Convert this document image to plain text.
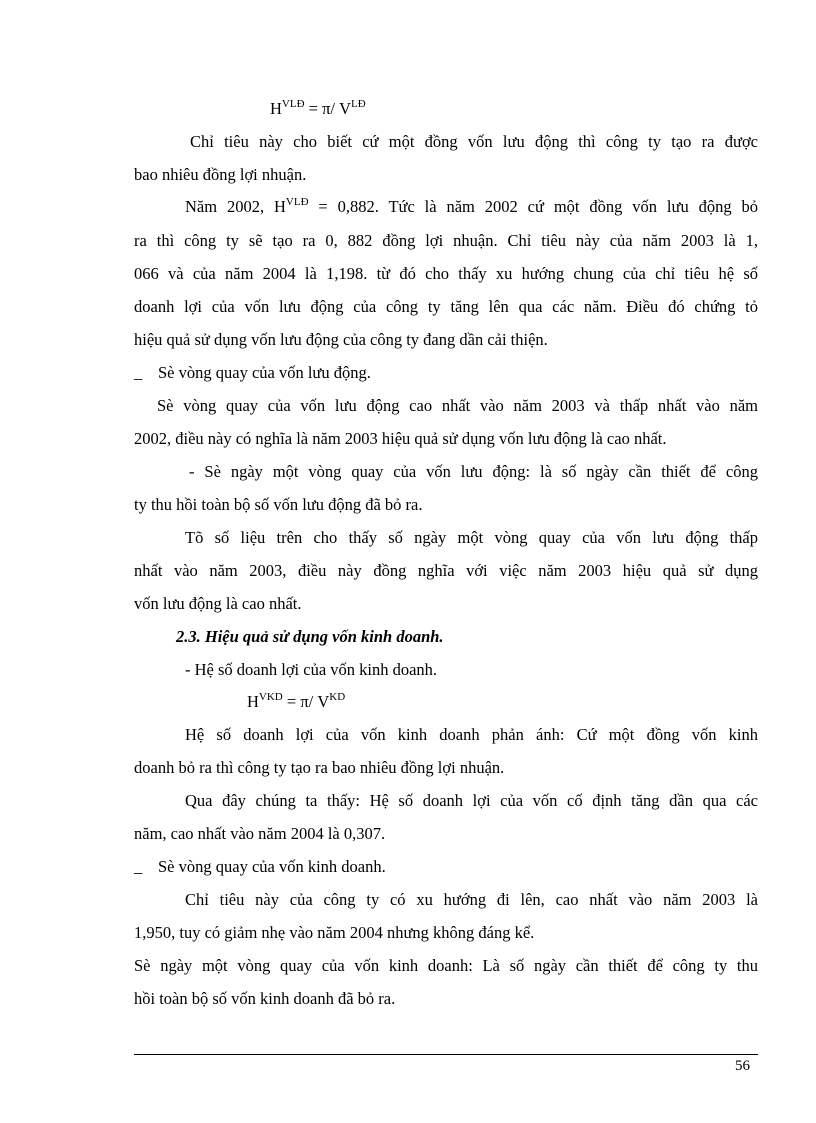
$H^{VLĐ} = \pi/$ $V^{LĐ}$
Chỉ tiêu này cho biết cứ một đồng vốn lưu động thì công ty tạo ra được
bao nhiêu đồng lợi nhuận.
Năm 2002, $H^{VLĐ} = 0,882$. Tức là năm 2002 cứ một đồng vốn lưu động bỏ
ra thì công ty sẽ tạo ra 0, 882 đồng lợi nhuận. Chỉ tiêu này của năm 2003 là 1,
066 và của năm 2004 là 1,198. từ đó cho thấy xu hướng chung của chỉ tiêu hệ số
doanh lợi của vốn lưu động của công ty tăng lên qua các năm. Điều đó chứng tỏ
hiệu quả sử dụng vốn lưu động của công ty đang dần cải thiện.
_ Sè vòng quay của vốn lưu động.
Sè vòng quay của vốn lưu động cao nhất vào năm 2003 và thấp nhất vào năm
2002, điều này có nghĩa là năm 2003 hiệu quả sử dụng vốn lưu động là cao nhất.
- Sè ngày một vòng quay của vốn lưu động: là số ngày cần thiết để công
ty thu hồi toàn bộ số vốn lưu động đã bỏ ra.
Tõ số liệu trên cho thấy số ngày một vòng quay của vốn lưu động thấp
nhất vào năm 2003, điều này đồng nghĩa với việc năm 2003 hiệu quả sử dụng
vốn lưu động là cao nhất.
2.3. Hiệu quả sử dụng vốn kinh doanh.
- Hệ số doanh lợi của vốn kinh doanh.
$H^{VKD} = \pi/$ $V^{KD}$
Hệ số doanh lợi của vốn kinh doanh phản ánh: Cứ một đồng vốn kinh
doanh bỏ ra thì công ty tạo ra bao nhiêu đồng lợi nhuận.
Qua đây chúng ta thấy: Hệ số doanh lợi của vốn cố định tăng dần qua các
năm, cao nhất vào năm 2004 là 0,307.
_ Sè vòng quay của vốn kinh doanh.
Chỉ tiêu này của công ty có xu hướng đi lên, cao nhất vào năm 2003 là
1,950, tuy có giảm nhẹ vào năm 2004 nhưng không đáng kể.
Sè ngày một vòng quay của vốn kinh doanh: Là số ngày cần thiết để công ty thu
hồi toàn bộ số vốn kinh doanh đã bỏ ra.
56
